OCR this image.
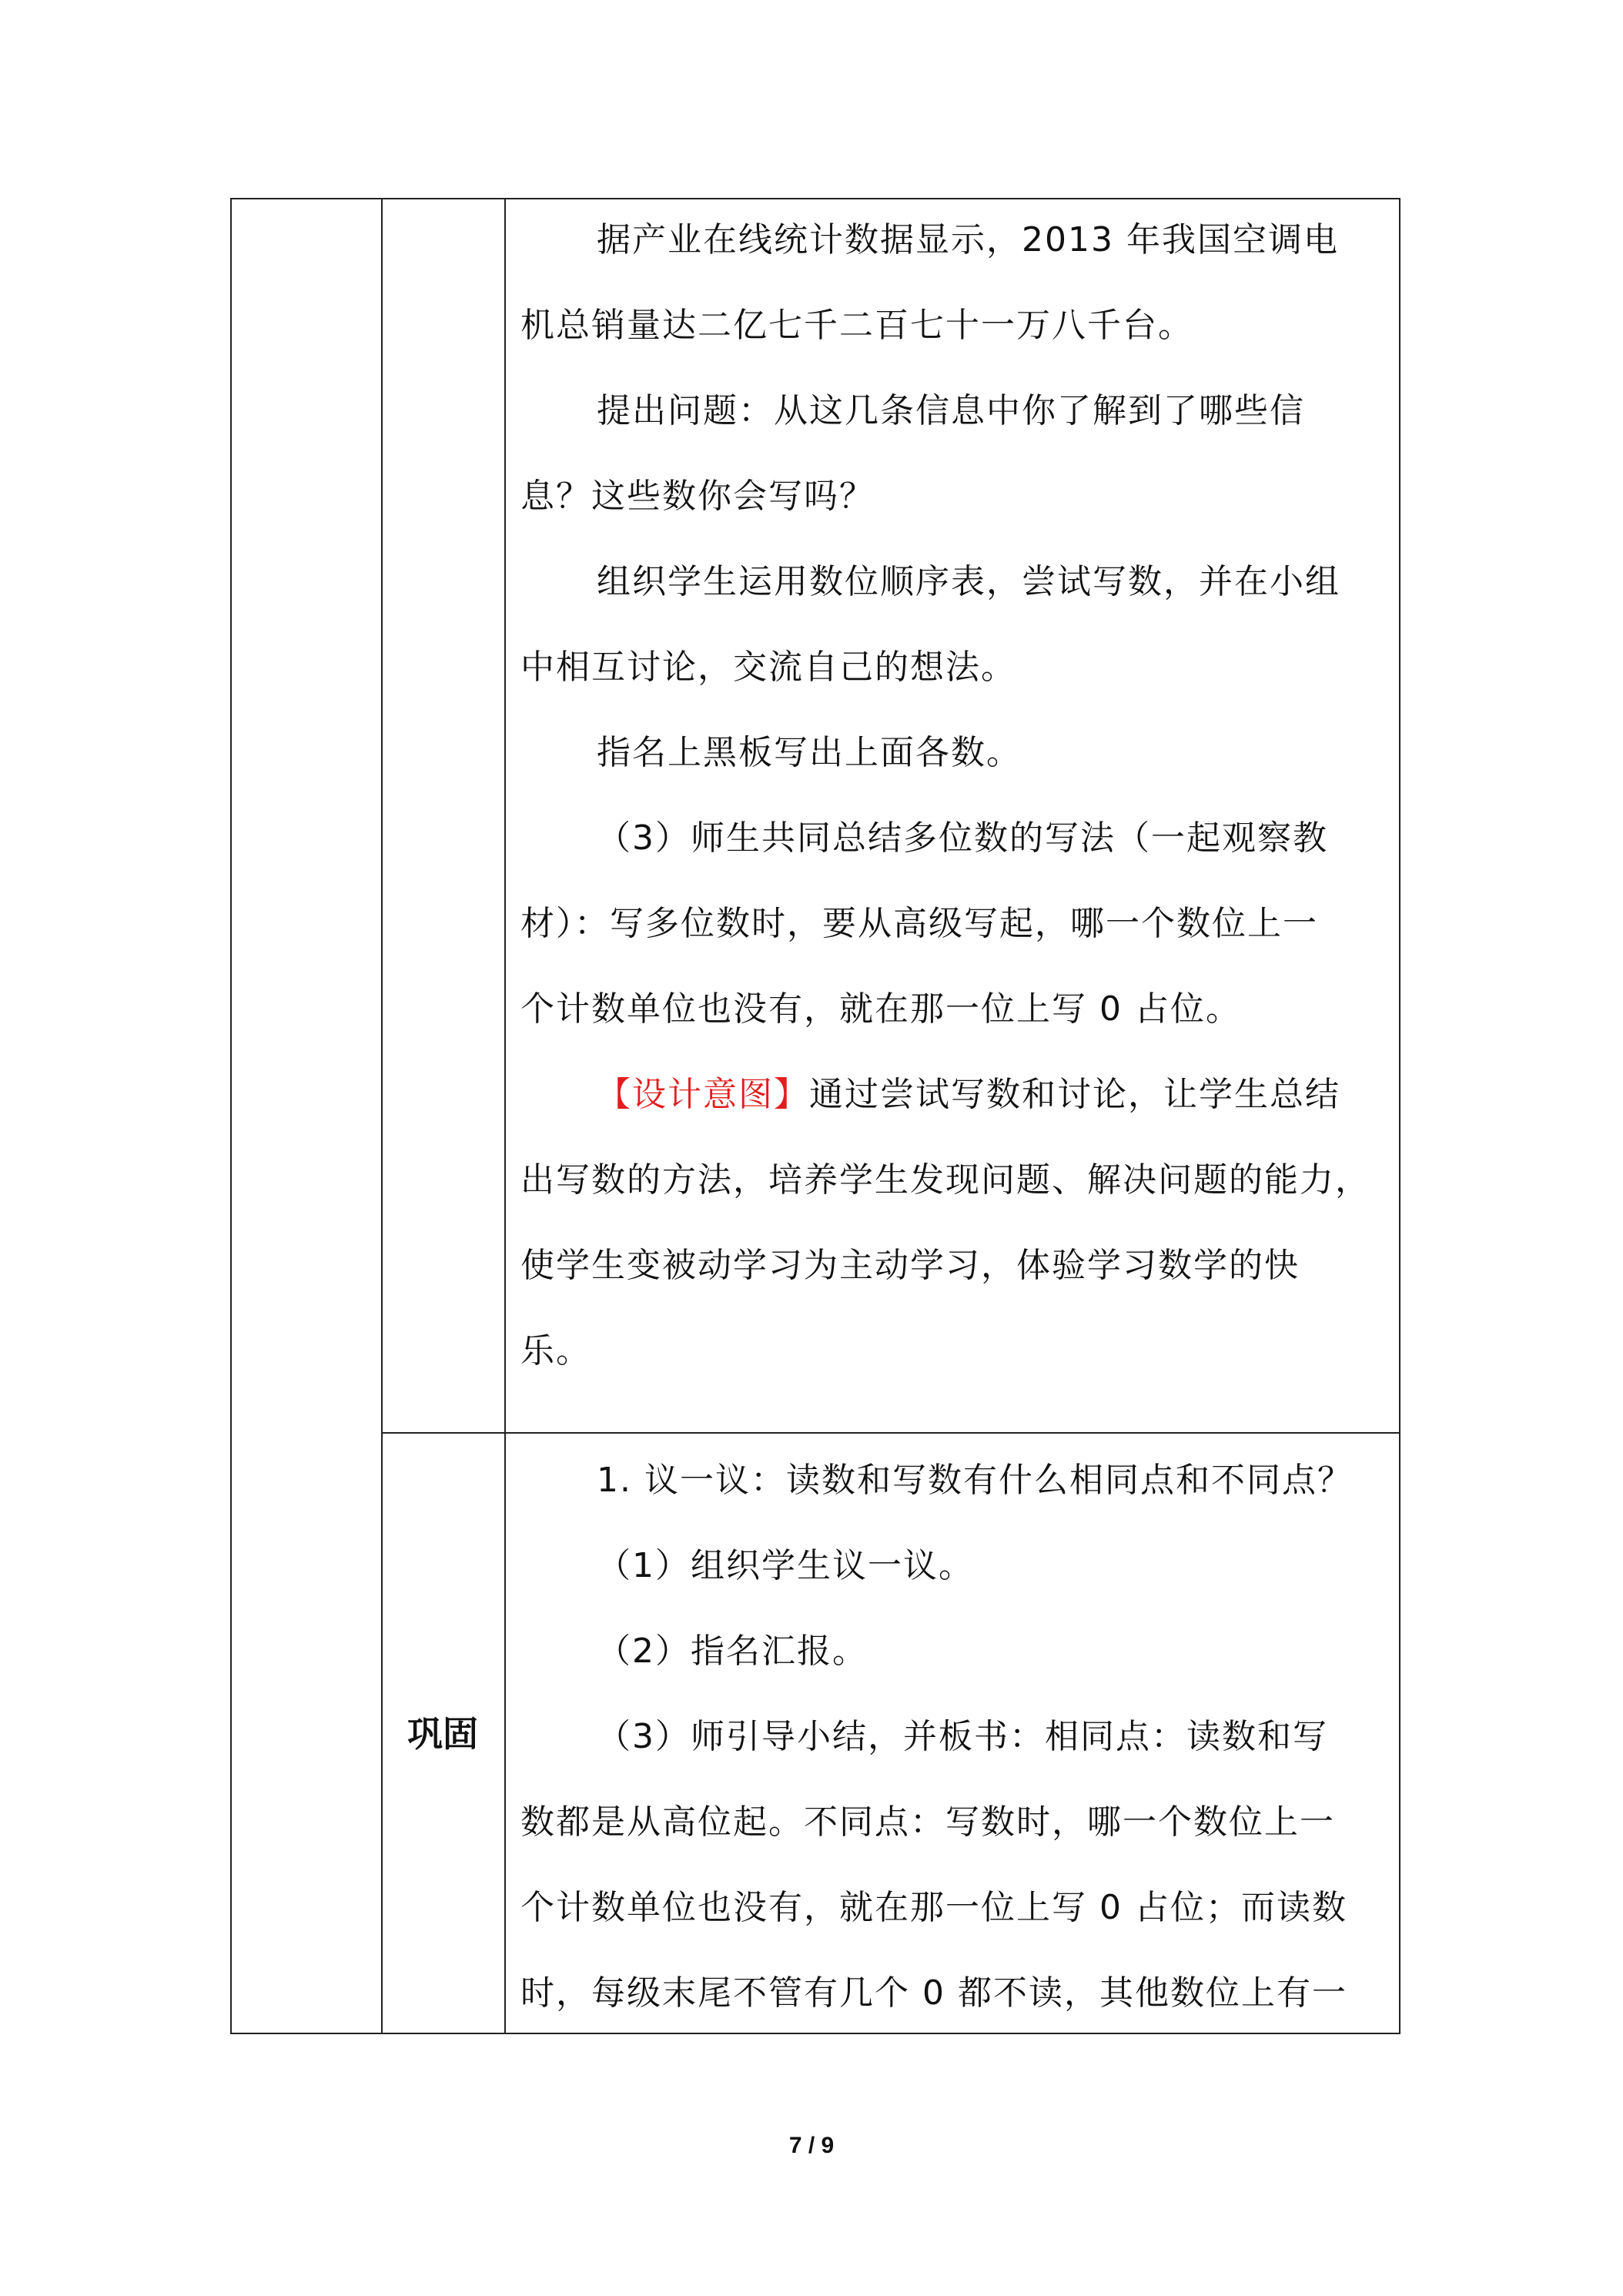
据产业在线统计数据显示，2013 年我国空调电
机总销量达二亿七千二百七十一万八千台。
提出问题：从这几条信息中你了解到了哪些信
息？这些数你会写吗？
组织学生运用数位顺序表，尝试写数，并在小组
中相互讨论，交流自己的想法。
指名上黑板写出上面各数。
（3）师生共同总结多位数的写法（一起观察教
材）：写多位数时，要从高级写起，哪一个数位上一
个计数单位也没有，就在那一位上写 0 占位。
【设计意图】通过尝试写数和讨论，让学生总结
出写数的方法，培养学生发现问题、解决问题的能力，
使学生变被动学习为主动学习，体验学习数学的快
乐。
巩固
1. 议一议：读数和写数有什么相同点和不同点？
（1）组织学生议一议。
（2）指名汇报。
（3）师引导小结，并板书：相同点：读数和写
数都是从高位起。不同点：写数时，哪一个数位上一
个计数单位也没有，就在那一位上写 0 占位；而读数
时，每级末尾不管有几个 0 都不读，其他数位上有一
7 / 9
